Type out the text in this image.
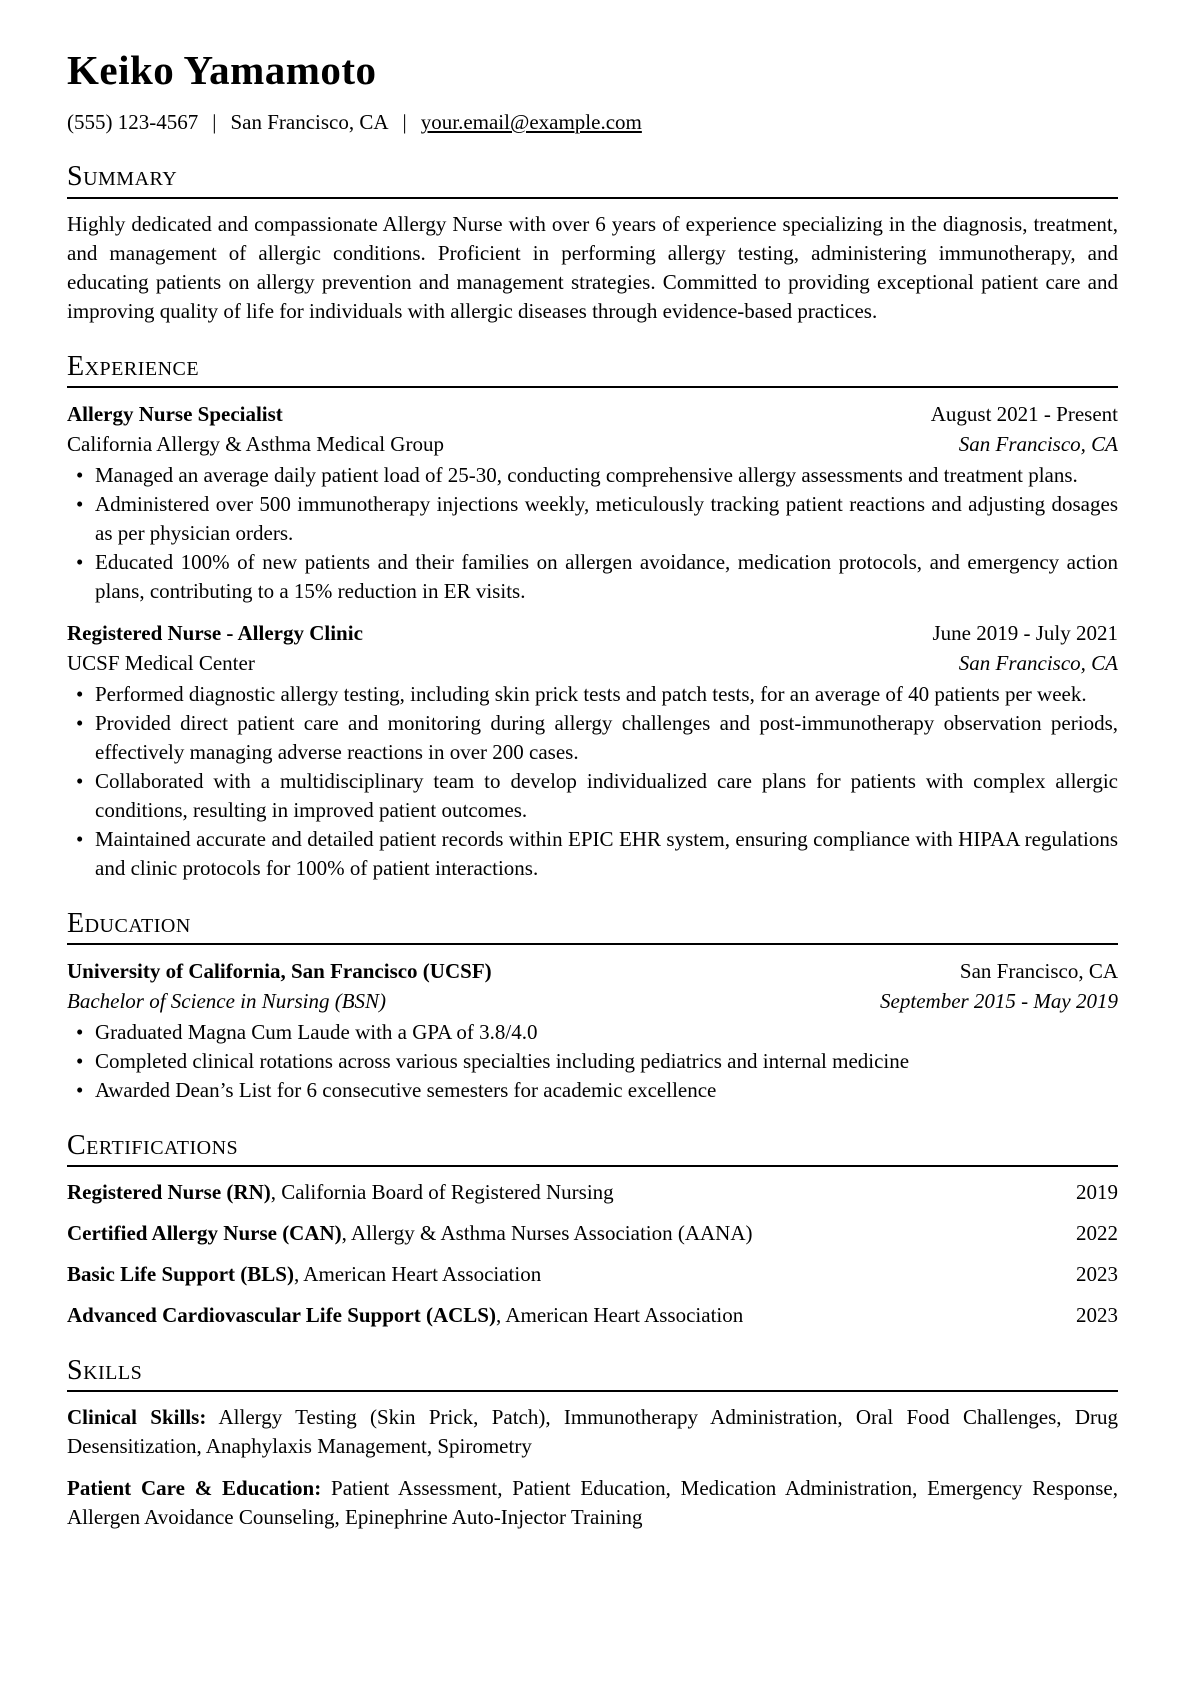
Keiko Yamamoto
(555) 123-4567 | San Francisco, CA | your.email@example.com
Summary

Highly dedicated and compassionate Allergy Nurse with over 6 years of experience specializing in the diagnosis, treatment, and management of allergic conditions. Proficient in performing allergy testing, administering immunotherapy, and educating patients on allergy prevention and management strategies. Committed to providing exceptional patient care and improving quality of life for individuals with allergic diseases through evidence-based practices.

Experience
Allergy Nurse Specialist	August 2021 - Present
California Allergy & Asthma Medical Group	San Francisco, CA
• Managed an average daily patient load of 25-30, conducting comprehensive allergy assessments and treatment plans.
• Administered over 500 immunotherapy injections weekly, meticulously tracking patient reactions and adjusting dosages as per physician orders.
• Educated 100% of new patients and their families on allergen avoidance, medication protocols, and emergency action plans, contributing to a 15% reduction in ER visits.
Registered Nurse - Allergy Clinic	June 2019 - July 2021
UCSF Medical Center	San Francisco, CA
• Performed diagnostic allergy testing, including skin prick tests and patch tests, for an average of 40 patients per week.
• Provided direct patient care and monitoring during allergy challenges and post-immunotherapy observation periods, effectively managing adverse reactions in over 200 cases.
• Collaborated with a multidisciplinary team to develop individualized care plans for patients with complex allergic conditions, resulting in improved patient outcomes.
• Maintained accurate and detailed patient records within EPIC EHR system, ensuring compliance with HIPAA regulations and clinic protocols for 100% of patient interactions.
Education
University of California, San Francisco (UCSF)	San Francisco, CA
Bachelor of Science in Nursing (BSN)	September 2015 - May 2019
• Graduated Magna Cum Laude with a GPA of 3.8/4.0
• Completed clinical rotations across various specialties including pediatrics and internal medicine
• Awarded Dean’s List for 6 consecutive semesters for academic excellence
Certifications
Registered Nurse (RN), California Board of Registered Nursing	2019
Certified Allergy Nurse (CAN), Allergy & Asthma Nurses Association (AANA)	2022
Basic Life Support (BLS), American Heart Association	2023
Advanced Cardiovascular Life Support (ACLS), American Heart Association	2023
Skills

Clinical Skills: Allergy Testing (Skin Prick, Patch), Immunotherapy Administration, Oral Food Challenges, Drug Desensitization, Anaphylaxis Management, Spirometry

Patient Care & Education: Patient Assessment, Patient Education, Medication Administration, Emergency Response, Allergen Avoidance Counseling, Epinephrine Auto-Injector Training
